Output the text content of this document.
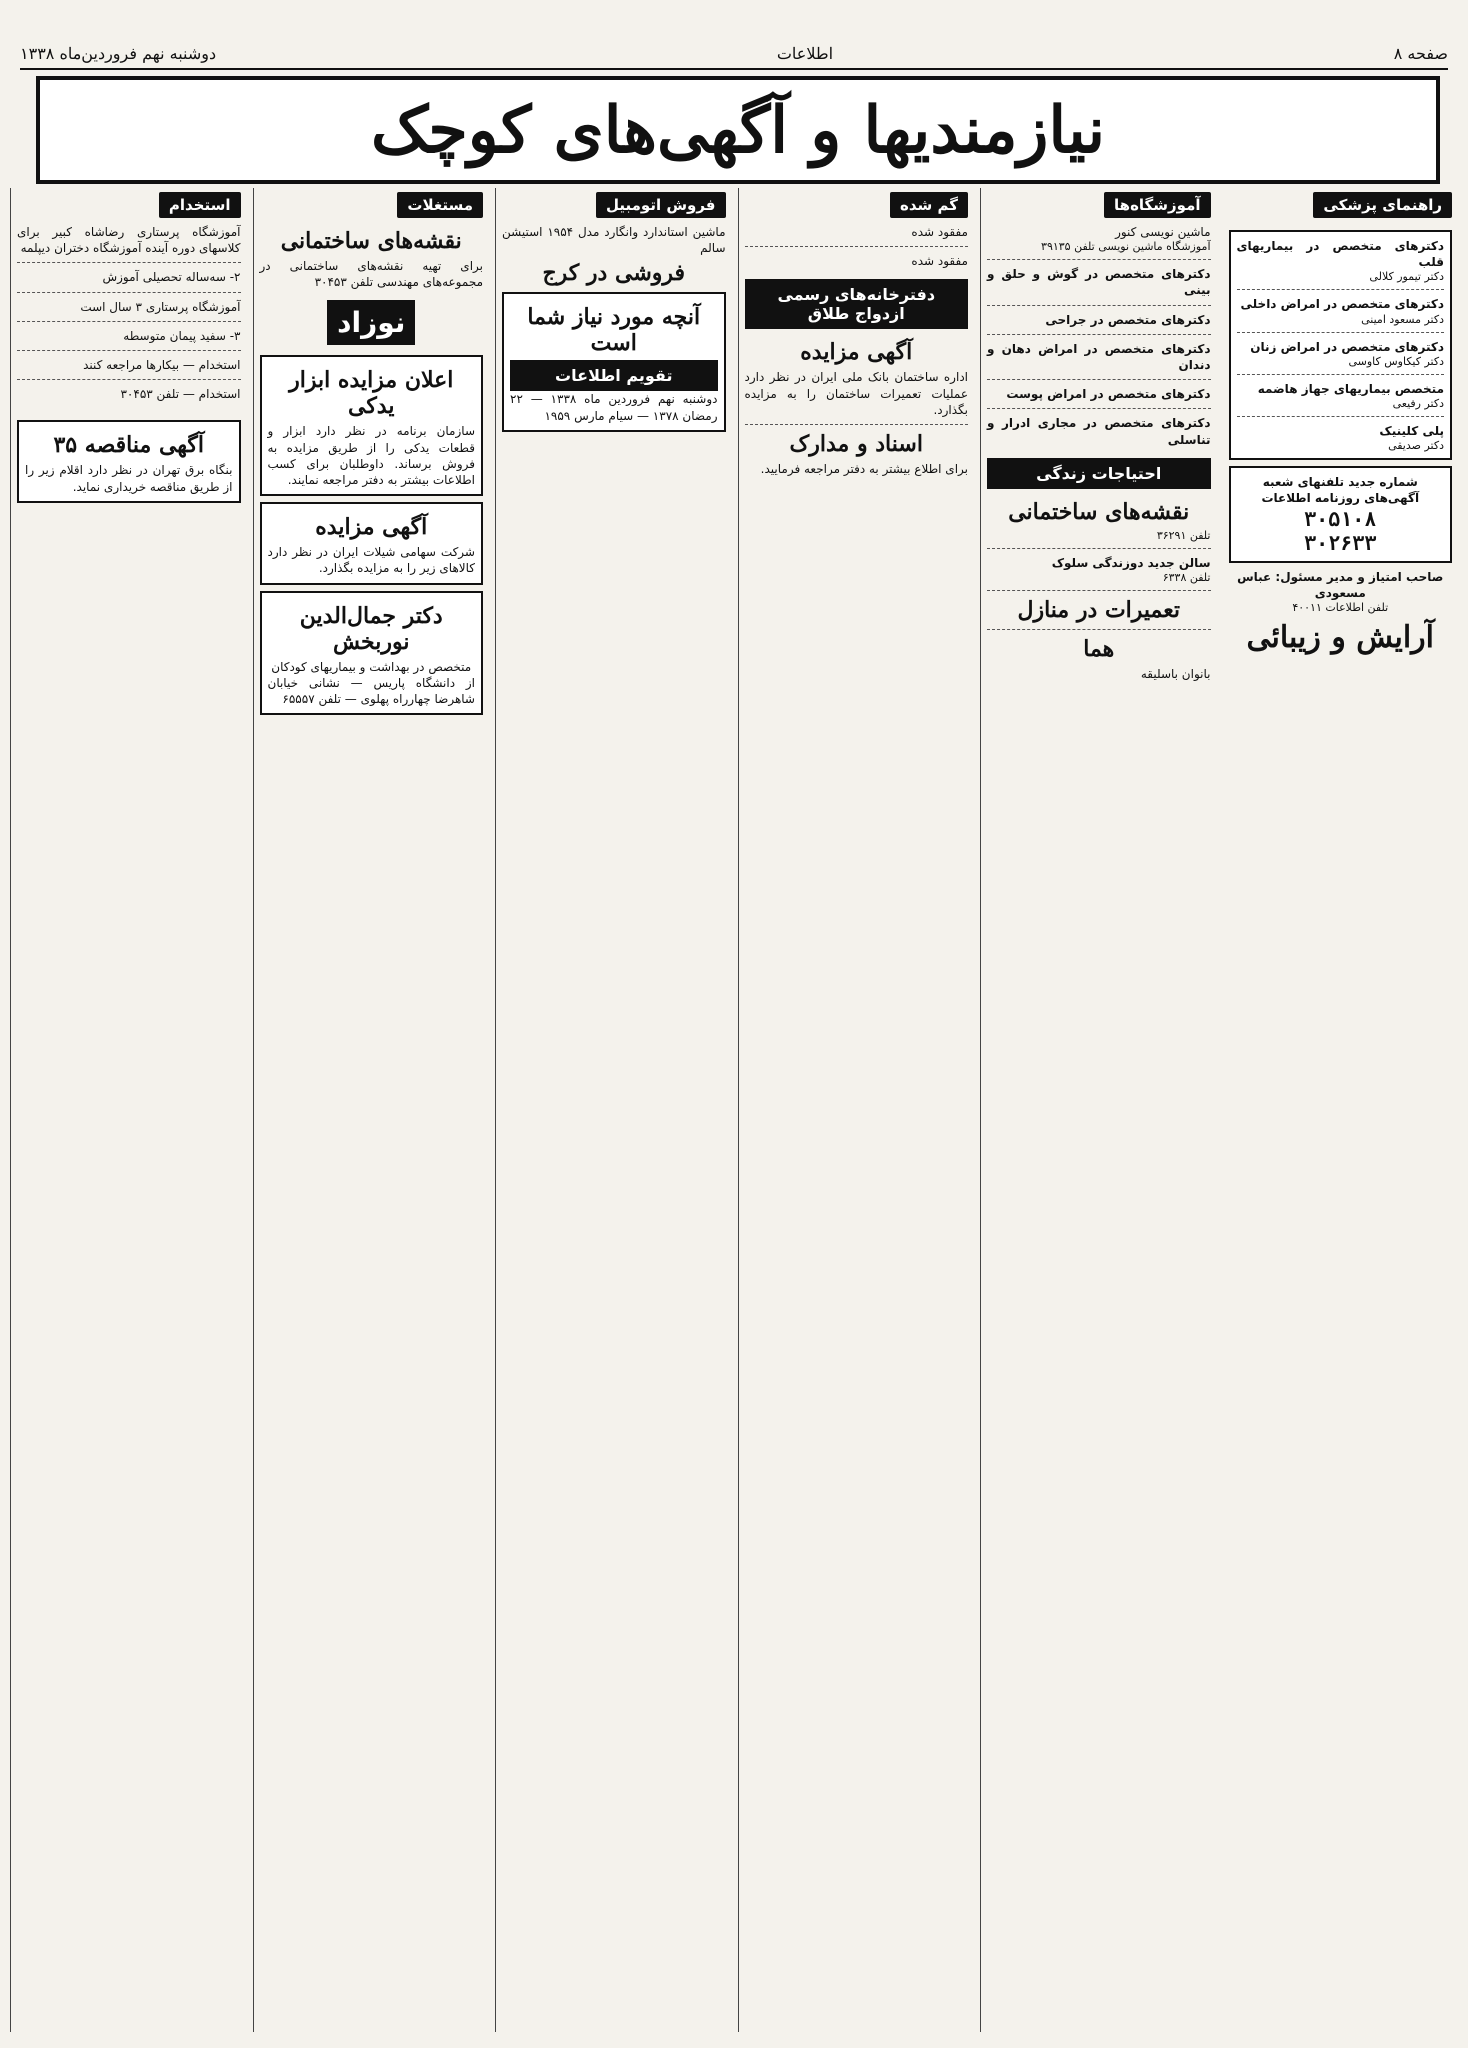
صفحه ۸
اطلاعات
دوشنبه نهم فروردین‌ماه ۱۳۳۸
نیازمندیها و آگهی‌های کوچک
استخدام
آموزشگاه پرستاری رضاشاه کبیر برای کلاسهای دوره آینده آموزشگاه دختران دیپلمه
۲- سه‌ساله تحصیلی آموزش
آموزشگاه پرستاری ۳ سال است
۳- سفید پیمان متوسطه
استخدام — بیکار‌ها مراجعه کنند
استخدام — تلفن ۳۰۴۵۳
آگهی مناقصه ۳۵
بنگاه برق تهران در نظر دارد اقلام زیر را از طریق مناقصه خریداری نماید.
مستغلات
نقشه‌های ساختمانی
برای تهیه نقشه‌های ساختمانی در مجموعه‌های مهندسی تلفن ۳۰۴۵۳
نوزاد
اعلان مزایده ابزار یدکی
سازمان برنامه در نظر دارد ابزار و قطعات یدکی را از طریق مزایده به فروش برساند. داوطلبان برای کسب اطلاعات بیشتر به دفتر مراجعه نمایند.
آگهی مزایده
شرکت سهامی شیلات ایران در نظر دارد کالاهای زیر را به مزایده بگذارد.
دکتر جمال‌الدین نوربخش
متخصص در بهداشت و بیماریهای کودکان
از دانشگاه پاریس — نشانی خیابان شاهرضا چهارراه پهلوی — تلفن ۶۵۵۵۷
فروش اتومبیل
ماشین استاندارد وانگارد مدل ۱۹۵۴ استیشن سالم
فروشی در کرج
آنچه مورد نیاز شما است
تقویم اطلاعات
دوشنبه نهم فروردین ماه ۱۳۳۸ — ۲۲ رمضان ۱۳۷۸ — سیام مارس ۱۹۵۹
گم شده
مفقود شده
مفقود شده
دفترخانه‌های رسمی ازدواج طلاق
آگهی مزایده
اداره ساختمان بانک ملی ایران در نظر دارد عملیات تعمیرات ساختمان را به مزایده بگذارد.
اسناد و مدارک
برای اطلاع بیشتر به دفتر مراجعه فرمایید.
آموزشگاه‌ها
ماشین نویسی کنور
آموزشگاه ماشین نویسی تلفن ۳۹۱۳۵
دکترهای متخصص در گوش و حلق و بینی
دکترهای متخصص در جراحی
دکترهای متخصص در امراض دهان و دندان
دکترهای متخصص در امراض پوست
دکترهای متخصص در مجاری ادرار و تناسلی
احتیاجات زندگی
نقشه‌های ساختمانی
تلفن ۳۶۲۹۱
سالن جدید دوزندگی سلوک
تلفن ۶۳۳۸
تعمیرات در منازل
هما
بانوان باسلیقه
راهنمای پزشکی
دکترهای متخصص در بیماریهای قلب
دکتر تیمور کلالی
دکترهای متخصص در امراض داخلی
دکتر مسعود امینی
دکترهای متخصص در امراض زنان
دکتر کیکاوس کاوسی
متخصص بیماریهای جهاز هاضمه
دکتر رفیعی
پلی کلینیک
دکتر صدیقی
شماره جدید تلفنهای شعبه آگهی‌های روزنامه اطلاعات
۳۰۵۱۰۸
۳۰۲۶۳۳
صاحب امتیاز و مدیر مسئول: عباس مسعودی
تلفن اطلاعات ۴۰۰۱۱
آرایش و زیبائی
